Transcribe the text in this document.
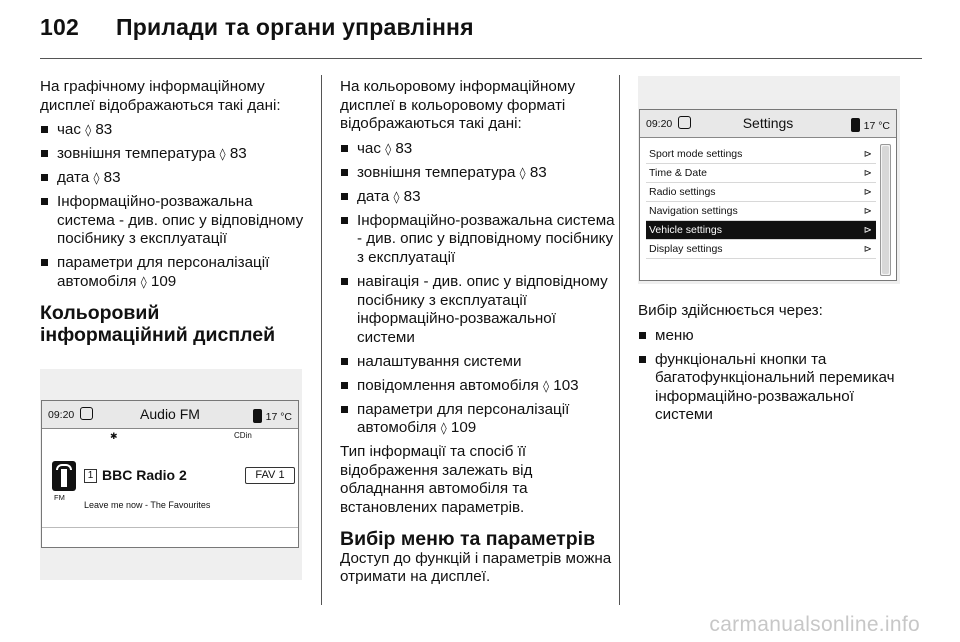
102 Прилади та органи управління

На графічному інформаційному дисплеї відображаються такі дані:

час ◊ 83
зовнішня температура ◊ 83
дата ◊ 83
Інформаційно-розважальна система - див. опис у відповідному посібнику з експлуатації
параметри для персоналізації автомобіля ◊ 109
Кольоровий інформаційний дисплей
09:20	Audio FM	17 °C
✱	CDin
FM
1 BBC Radio 2	FAV 1
Leave me now - The Favourites

На кольоровому інформаційному дисплеї в кольоровому форматі відображаються такі дані:

час ◊ 83
зовнішня температура ◊ 83
дата ◊ 83
Інформаційно-розважальна система - див. опис у відповідному посібнику з експлуатації
навігація - див. опис у відповідному посібнику з експлуатації інформаційно-розважальної системи
налаштування системи
повідомлення автомобіля ◊ 103
параметри для персоналізації автомобіля ◊ 109

Тип інформації та спосіб її відображення залежать від обладнання автомобіля та встановлених параметрів.

Вибір меню та параметрів

Доступ до функцій і параметрів можна отримати на дисплеї.

09:20	Settings	17 °C
Sport mode settings	⊳
Time & Date	⊳
Radio settings	⊳
Navigation settings	⊳
Vehicle settings	⊳
Display settings	⊳

Вибір здійснюється через:

меню
функціональні кнопки та багатофункціональний перемикач інформаційно-розважальної системи
carmanualsonline.info
